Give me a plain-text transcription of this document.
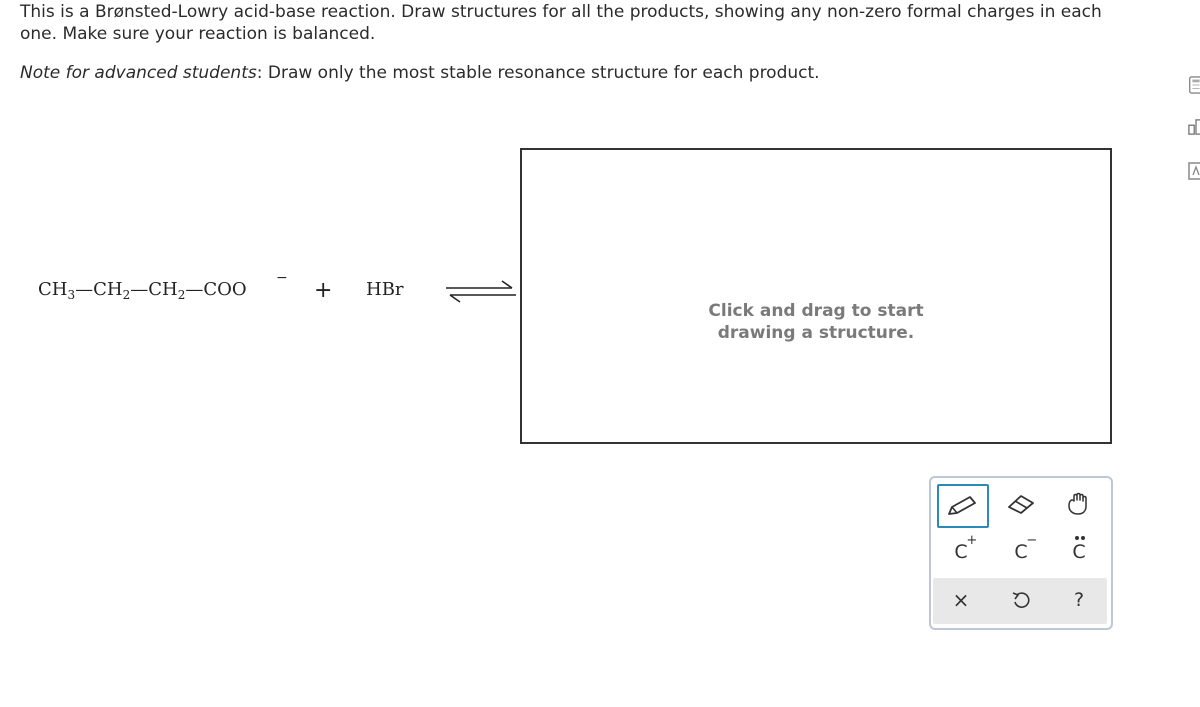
This is a Brønsted-Lowry acid-base reaction. Draw structures for all the products, showing any non-zero formal charges in each one. Make sure your reaction is balanced.
Note for advanced students: Draw only the most stable resonance structure for each product.
$CH_3—CH_2—CH_2—COO$
− + HBr
Click and drag to start
drawing a structure.
C
+
C
−
C
×	?
